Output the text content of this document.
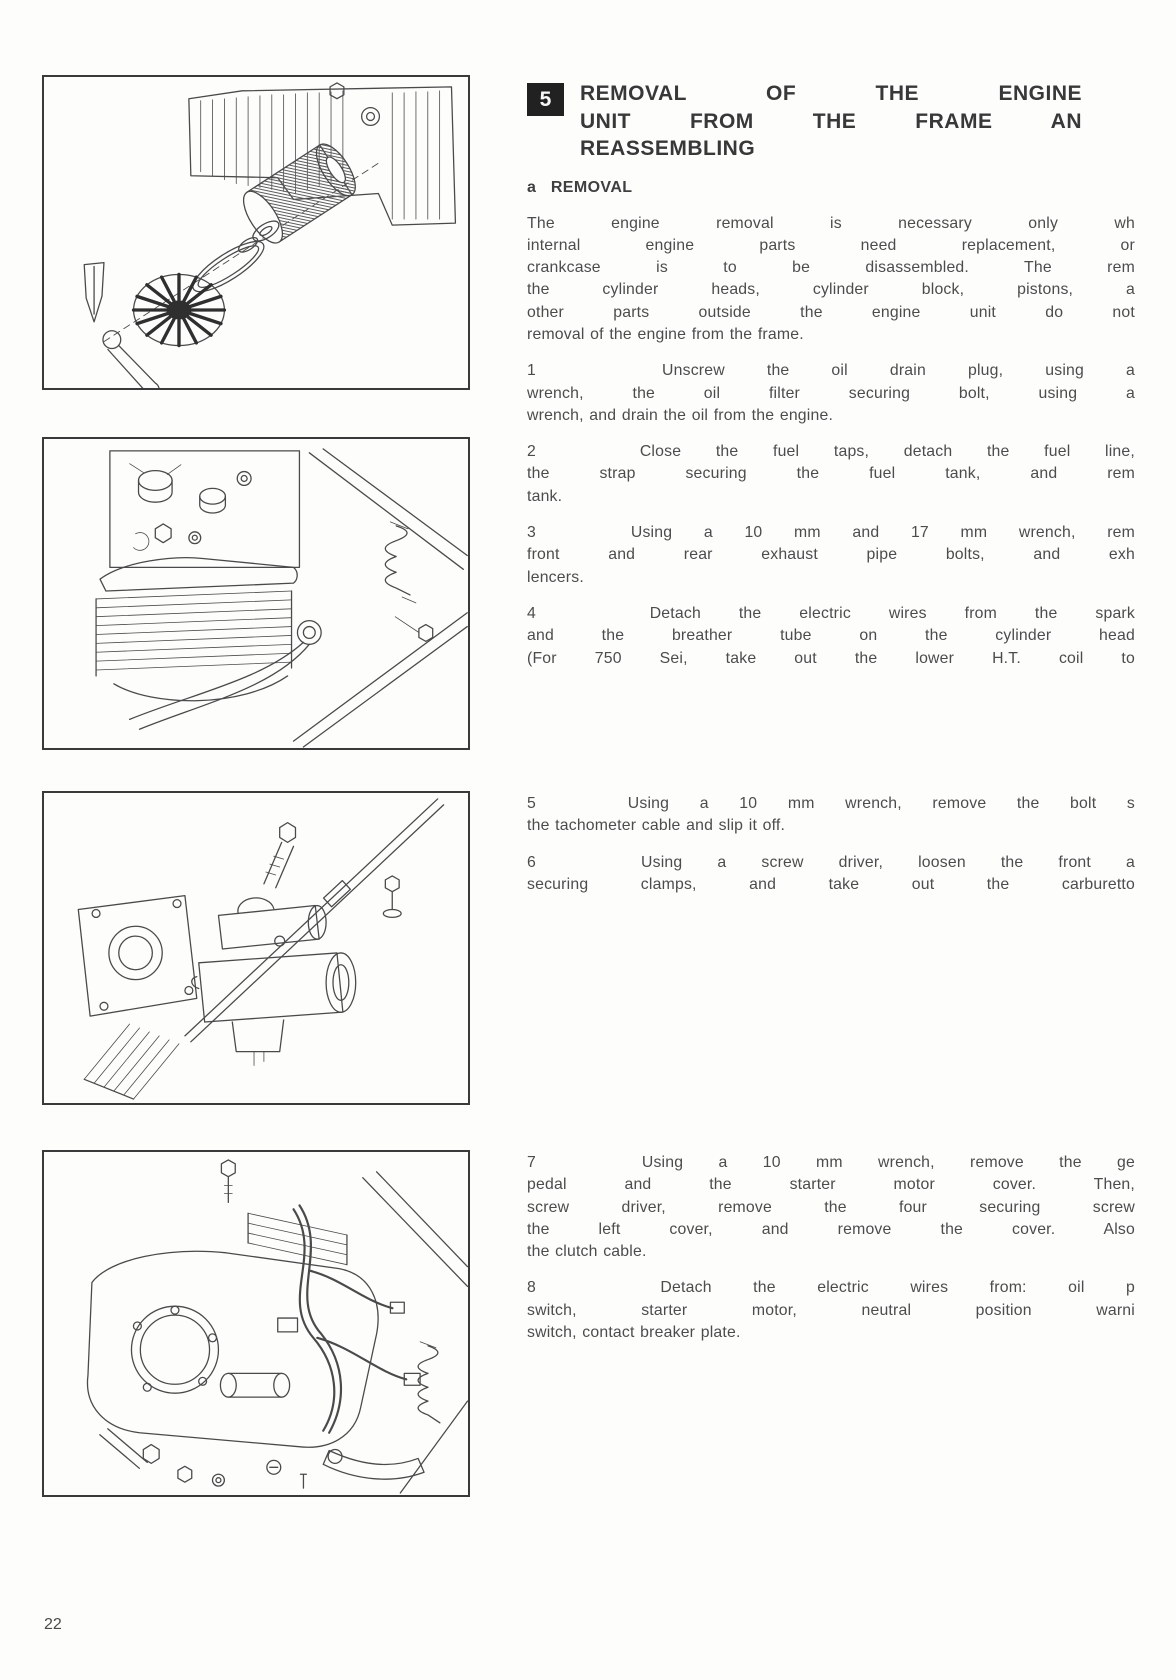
5	REMOVAL OF THE ENGINE
UNIT FROM THE FRAME AN
REASSEMBLING
a   REMOVAL
The engine removal is necessary only wh
internal engine parts need replacement, or
crankcase is to be disassembled. The rem
the cylinder heads, cylinder block, pistons, a
other parts outside the engine unit do not
removal of the engine from the frame.
1   Unscrew the oil drain plug, using a
wrench, the oil filter securing bolt, using a
wrench, and drain the oil from the engine.
2   Close the fuel taps, detach the fuel line,
the strap securing the fuel tank, and rem
tank.
3   Using a 10 mm and 17 mm wrench, rem
front and rear exhaust pipe bolts, and exh
lencers.
4   Detach the electric wires from the spark
and the breather tube on the cylinder head
(For 750 Sei, take out the lower H.T. coil to
5   Using a 10 mm wrench, remove the bolt s
the tachometer cable and slip it off.
6   Using a screw driver, loosen the front a
securing clamps, and take out the carburetto
7   Using a 10 mm wrench, remove the ge
pedal and the starter motor cover. Then,
screw driver, remove the four securing screw
the left cover, and remove the cover. Also
the clutch cable.
8   Detach the electric wires from: oil p
switch, starter motor, neutral position warni
switch, contact breaker plate.
22
